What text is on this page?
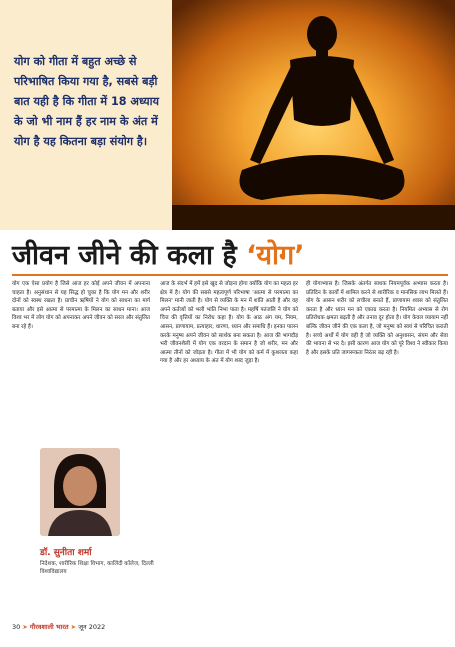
योग को गीता में बहुत अच्छे से परिभाषित किया गया है, सबसे बड़ी बात यही है कि गीता में 18 अध्याय के जो भी नाम हैं हर नाम के अंत में योग है यह कितना बड़ा संयोग है।
जीवन जीने की कला है ‘योग’
योग एक ऐसा प्रयोग है जिसे आज हर कोई अपने जीवन में अपनाना चाहता है। अनुसंधान से यह सिद्ध हो चुका है कि योग मन और शरीर दोनों को स्वस्थ रखता है। प्राचीन ऋषियों ने योग को साधना का मार्ग बताया और इसे आत्मा से परमात्मा के मिलन का साधन माना। आज विश्व भर में लोग योग को अपनाकर अपने जीवन को सरल और संतुलित बना रहे हैं।
डॉ. सुनीता शर्मा
निदेशक, शारीरिक शिक्षा विभाग, कालिंदी कॉलेज, दिल्ली विश्वविद्यालय
आज के संदर्भ में हमें इसे खुद से जोड़ना होगा क्योंकि योग का महत्व हर क्षेत्र में है। योग की सबसे महत्वपूर्ण परिभाषा 'आत्मा से परमात्मा का मिलन' मानी जाती है। योग से व्यक्ति के मन में शांति आती है और वह अपने कर्तव्यों को भली भांति निभा पाता है। महर्षि पतंजलि ने योग को चित्त की वृत्तियों का निरोध कहा है। योग के आठ अंग यम, नियम, आसन, प्राणायाम, प्रत्याहार, धारणा, ध्यान और समाधि हैं। इनका पालन करके मनुष्य अपने जीवन को सार्थक बना सकता है। आज की भागदौड़ भरी जीवनशैली में योग एक वरदान के समान है जो शरीर, मन और आत्मा तीनों को जोड़ता है। गीता में भी योग को कर्म में कुशलता कहा गया है और हर अध्याय के अंत में योग शब्द जुड़ा है।
ही योगाभ्यास है। जिसके अंतर्गत साधक नियमपूर्वक अभ्यास करता है। प्रतिदिन के कार्यों में शामिल करने से शारीरिक व मानसिक लाभ मिलते हैं। योग के आसन शरीर को लचीला बनाते हैं, प्राणायाम श्वास को संतुलित करता है और ध्यान मन को एकाग्र करता है। नियमित अभ्यास से रोग प्रतिरोधक क्षमता बढ़ती है और तनाव दूर होता है। योग केवल व्यायाम नहीं बल्कि जीवन जीने की एक कला है, जो मनुष्य को स्वयं से परिचित कराती है। सच्चे अर्थों में योग वही है जो व्यक्ति को अनुशासन, संयम और सेवा की भावना से भर दे। इसी कारण आज योग को पूरे विश्व ने स्वीकार किया है और इसके प्रति जागरूकता निरंतर बढ़ रही है।
30 ➤ गौरवशाली भारत ➤ जून 2022
